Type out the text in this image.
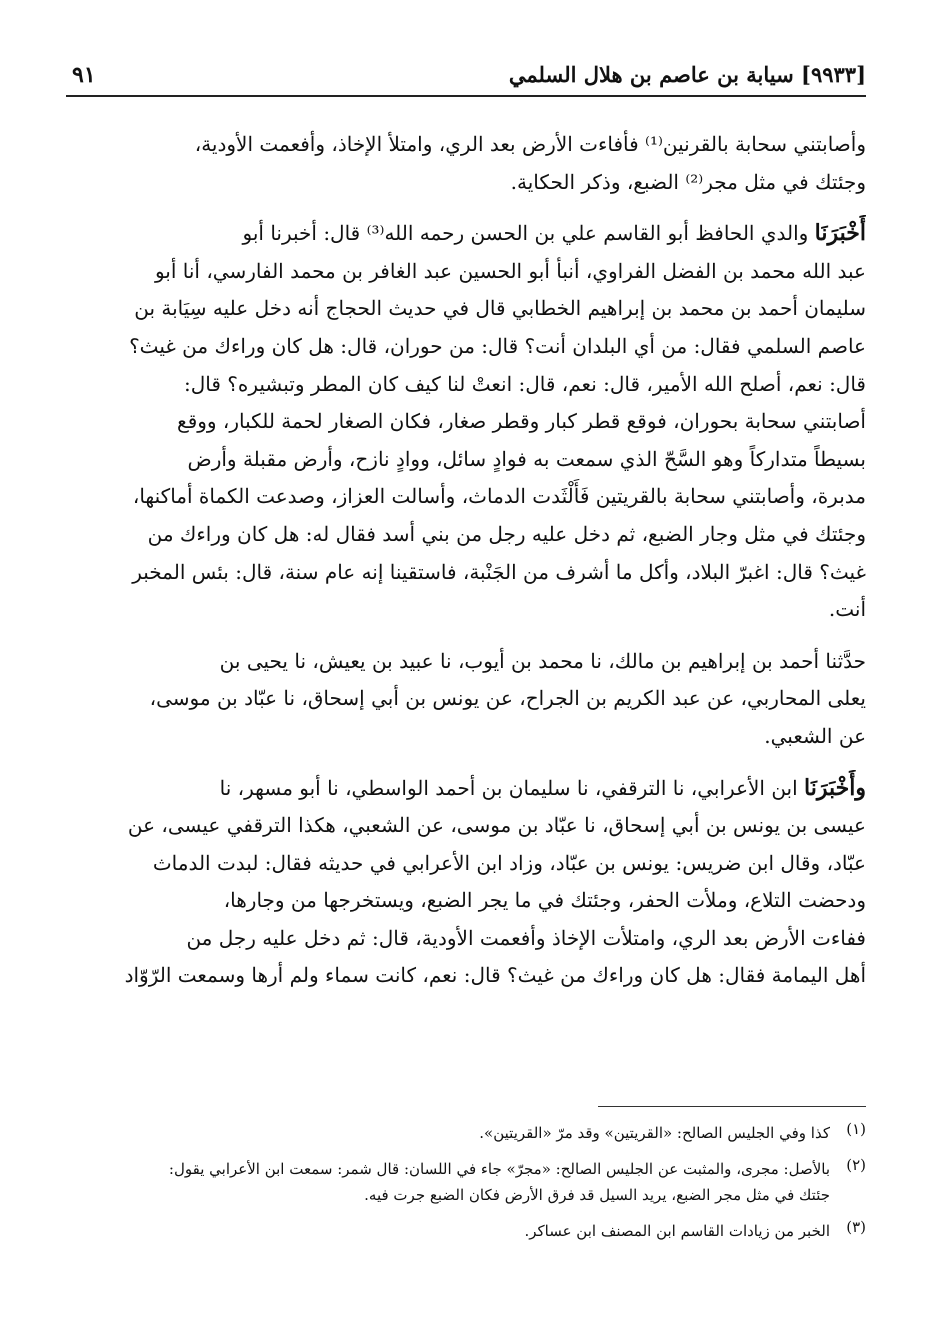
[٩٩٣٣] سيابة بن عاصم بن هلال السلمي
٩١
وأصابتني سحابة بالقرنين⁽¹⁾ فأفاءت الأرض بعد الري، وامتلأ الإخاذ، وأفعمت الأودية،
وجئتك في مثل مجر⁽²⁾ الضبع، وذكر الحكاية.
أَخْبَرَنَا والدي الحافظ أبو القاسم علي بن الحسن رحمه الله⁽³⁾ قال: أخبرنا أبو
عبد الله محمد بن الفضل الفراوي، أنبأ أبو الحسين عبد الغافر بن محمد الفارسي، أنا أبو
سليمان أحمد بن محمد بن إبراهيم الخطابي قال في حديث الحجاج أنه دخل عليه سِيَابة بن
عاصم السلمي فقال: من أي البلدان أنت؟ قال: من حوران، قال: هل كان وراءك من غيث؟
قال: نعم، أصلح الله الأمير، قال: نعم، قال: انعتْ لنا كيف كان المطر وتبشيره؟ قال:
أصابتني سحابة بحوران، فوقع قطر كبار وقطر صغار، فكان الصغار لحمة للكبار، ووقع
بسيطاً متداركاً وهو السَّحّ الذي سمعت به فوادٍ سائل، ووادٍ نازح، وأرض مقبلة وأرض
مدبرة، وأصابتني سحابة بالقريتين فَأَلْثَدت الدماث، وأسالت العزاز، وصدعت الكماة أماكنها،
وجئتك في مثل وجار الضبع، ثم دخل عليه رجل من بني أسد فقال له: هل كان وراءك من
غيث؟ قال: اغبرّ البلاد، وأكل ما أشرف من الجَنْبة، فاستقينا إنه عام سنة، قال: بئس المخبر
أنت.
حدَّثنا أحمد بن إبراهيم بن مالك، نا محمد بن أيوب، نا عبيد بن يعيش، نا يحيى بن
يعلى المحاربي، عن عبد الكريم بن الجراح، عن يونس بن أبي إسحاق، نا عبّاد بن موسى،
عن الشعبي.
وأَخْبَرَنَا ابن الأعرابي، نا الترقفي، نا سليمان بن أحمد الواسطي، نا أبو مسهر، نا
عيسى بن يونس بن أبي إسحاق، نا عبّاد بن موسى، عن الشعبي، هكذا الترقفي عيسى، عن
عبّاد، وقال ابن ضريس: يونس بن عبّاد، وزاد ابن الأعرابي في حديثه فقال: لبدت الدماث
ودحضت التلاع، وملأت الحفر، وجئتك في ما يجر الضبع، ويستخرجها من وجارها،
ففاءت الأرض بعد الري، وامتلأت الإخاذ وأفعمت الأودية، قال: ثم دخل عليه رجل من
أهل اليمامة فقال: هل كان وراءك من غيث؟ قال: نعم، كانت سماء ولم أرها وسمعت الرّوّاد
(١)
كذا وفي الجليس الصالح: «القريتين» وقد مرّ «القريتين».
(٢)
بالأصل: مجرى، والمثبت عن الجليس الصالح: «مجرّ» جاء في اللسان: قال شمر: سمعت ابن الأعرابي يقول:
جئتك في مثل مجر الضبع، يريد السيل قد فرق الأرض فكان الضبع جرت فيه.
(٣)
الخبر من زيادات القاسم ابن المصنف ابن عساكر.
